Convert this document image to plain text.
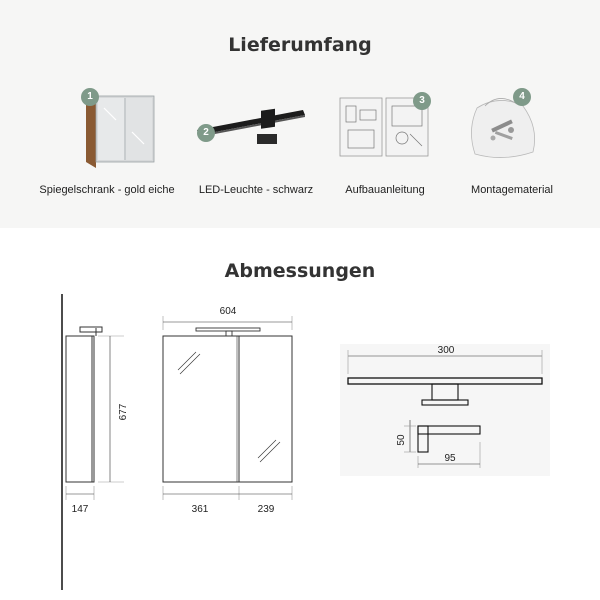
Lieferumfang
1
Spiegelschrank - gold eiche
2
LED-Leuchte - schwarz
3
Aufbauanleitung
4
Montagematerial
Abmessungen
677
147
604
361	239
300
50
95
